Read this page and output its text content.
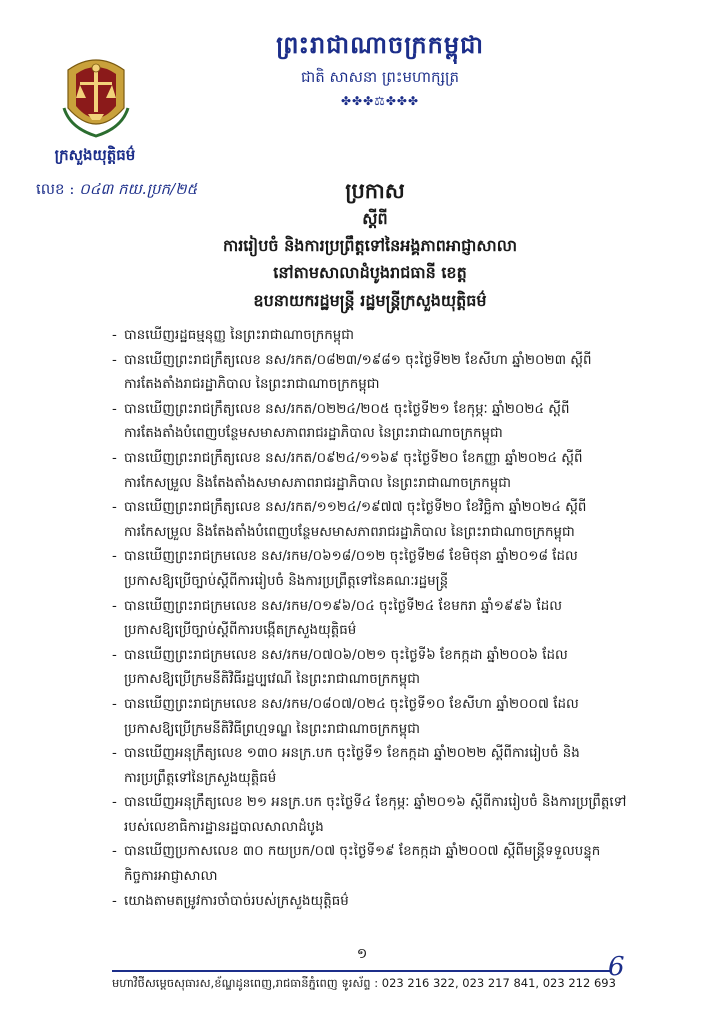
ព្រះរាជាណាចក្រកម្ពុជា
ជាតិ សាសនា ព្រះមហាក្សត្រ
✤✤✤⚖✤✤✤
ក្រសួងយុត្តិធម៌
លេខ : ០៤៣ កយ.ប្រក/២៥	ប្រកាស
ស្តីពី
ការរៀបចំ និងការប្រព្រឹត្តទៅនៃអង្គភាពអាជ្ញាសាលា
នៅតាមសាលាដំបូងរាជធានី ខេត្ត
ឧបនាយករដ្ឋមន្ត្រី រដ្ឋមន្ត្រីក្រសួងយុត្តិធម៌
- បានឃើញរដ្ឋធម្មនុញ្ញ នៃព្រះរាជាណាចក្រកម្ពុជា
- បានឃើញព្រះរាជក្រឹត្យលេខ នស/រកត/០៨២៣/១៩៨១ ចុះថ្ងៃទី២២ ខែសីហា ឆ្នាំ២០២៣ ស្តីពី
ការតែងតាំងរាជរដ្ឋាភិបាល នៃព្រះរាជាណាចក្រកម្ពុជា
- បានឃើញព្រះរាជក្រឹត្យលេខ នស/រកត/០២២៤/២០៥ ចុះថ្ងៃទី២១ ខែកុម្ភៈ ឆ្នាំ២០២៤ ស្តីពី
ការតែងតាំងបំពេញបន្ថែមសមាសភាពរាជរដ្ឋាភិបាល នៃព្រះរាជាណាចក្រកម្ពុជា
- បានឃើញព្រះរាជក្រឹត្យលេខ នស/រកត/០៩២៤/១១៦៩ ចុះថ្ងៃទី២០ ខែកញ្ញា ឆ្នាំ២០២៤ ស្តីពី
ការកែសម្រួល និងតែងតាំងសមាសភាពរាជរដ្ឋាភិបាល នៃព្រះរាជាណាចក្រកម្ពុជា
- បានឃើញព្រះរាជក្រឹត្យលេខ នស/រកត/១១២៤/១៩៧៧ ចុះថ្ងៃទី២០ ខែវិច្ឆិកា ឆ្នាំ២០២៤ ស្តីពី
ការកែសម្រួល និងតែងតាំងបំពេញបន្ថែមសមាសភាពរាជរដ្ឋាភិបាល នៃព្រះរាជាណាចក្រកម្ពុជា
- បានឃើញព្រះរាជក្រមលេខ នស/រកម/០៦១៨/០១២ ចុះថ្ងៃទី២៨ ខែមិថុនា ឆ្នាំ២០១៨ ដែល
ប្រកាសឱ្យប្រើច្បាប់ស្តីពីការរៀបចំ និងការប្រព្រឹត្តទៅនៃគណៈរដ្ឋមន្ត្រី
- បានឃើញព្រះរាជក្រមលេខ នស/រកម/០១៩៦/០៤ ចុះថ្ងៃទី២៤ ខែមករា ឆ្នាំ១៩៩៦ ដែល
ប្រកាសឱ្យប្រើច្បាប់ស្តីពីការបង្កើតក្រសួងយុត្តិធម៌
- បានឃើញព្រះរាជក្រមលេខ នស/រកម/០៧០៦/០២១ ចុះថ្ងៃទី៦ ខែកក្កដា ឆ្នាំ២០០៦ ដែល
ប្រកាសឱ្យប្រើក្រមនីតិវិធីរដ្ឋប្បវេណី នៃព្រះរាជាណាចក្រកម្ពុជា
- បានឃើញព្រះរាជក្រមលេខ នស/រកម/០៨០៧/០២៤ ចុះថ្ងៃទី១០ ខែសីហា ឆ្នាំ២០០៧ ដែល
ប្រកាសឱ្យប្រើក្រមនីតិវិធីព្រហ្មទណ្ឌ នៃព្រះរាជាណាចក្រកម្ពុជា
- បានឃើញអនុក្រឹត្យលេខ ១៣០ អនក្រ.បក ចុះថ្ងៃទី១ ខែកក្កដា ឆ្នាំ២០២២ ស្តីពីការរៀបចំ និង
ការប្រព្រឹត្តទៅនៃក្រសួងយុត្តិធម៌
- បានឃើញអនុក្រឹត្យលេខ ២១ អនក្រ.បក ចុះថ្ងៃទី៤ ខែកុម្ភៈ ឆ្នាំ២០១៦ ស្តីពីការរៀបចំ និងការប្រព្រឹត្តទៅ
របស់លេខាធិការដ្ឋានរដ្ឋបាលសាលាដំបូង
- បានឃើញប្រកាសលេខ ៣០ កយប្រក/០៧ ចុះថ្ងៃទី១៩ ខែកក្កដា ឆ្នាំ២០០៧ ស្តីពីមន្ត្រីទទួលបន្ទុក
កិច្ចការអាជ្ញាសាលា
- យោងតាមតម្រូវការចាំបាច់របស់ក្រសួងយុត្តិធម៌
១	6
មហាវិថីសម្តេចសុធារស,ខ័ណ្ឌដូនពេញ,រាជធានីភ្នំពេញ ទូរស័ព្ទ : 023 216 322, 023 217 841, 023 212 693
